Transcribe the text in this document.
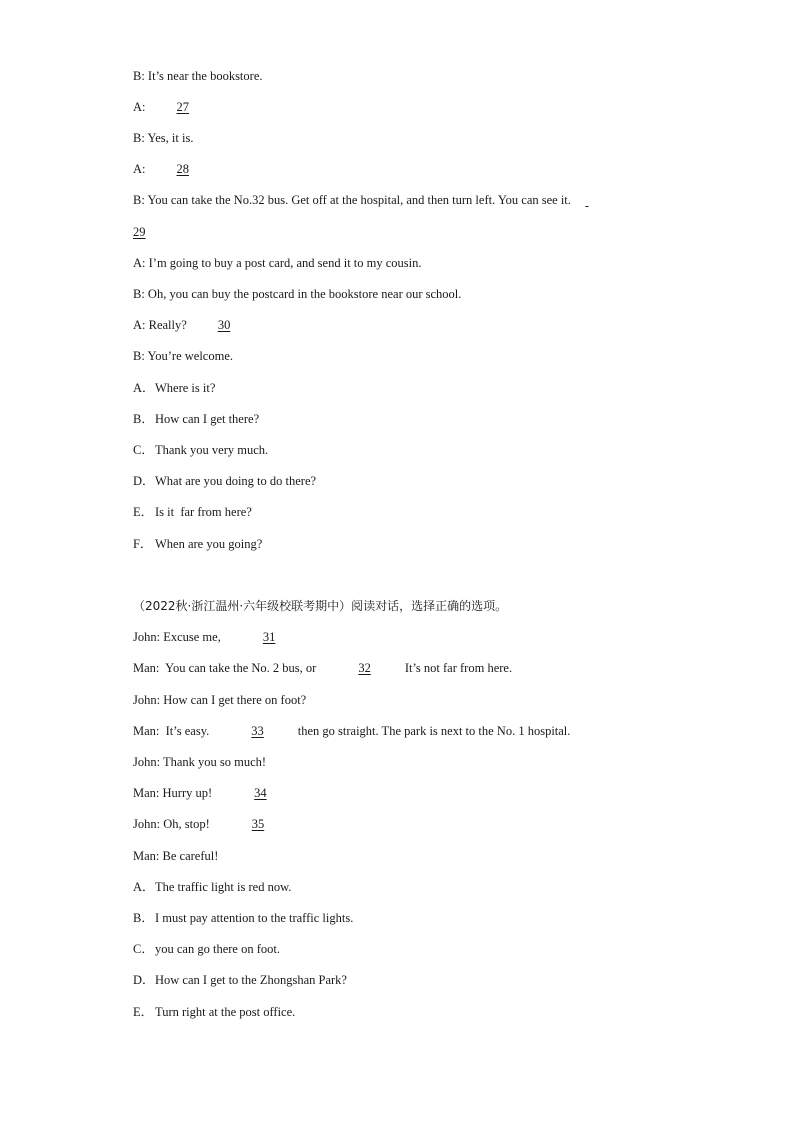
B: It’s near the bookstore.
A:  27
B: Yes, it is.
A:  28
B: You can take the No.32 bus. Get off at the hospital, and then turn left. You can see it.
29
A: I’m going to buy a post card, and send it to my cousin.
B: Oh, you can buy the postcard in the bookstore near our school.
A: Really?  30
B: You’re welcome.
A．Where is it?
B．How can I get there?
C．Thank you very much.
D．What are you doing to do there?
E． Is it  far from here?
F． When are you going?
（2022秋·浙江温州·六年级校联考期中）阅读对话，选择正确的选项。
John: Excuse me,	31
Man:  You can take the No. 2 bus, or	32  It’s not far from here.
John: How can I get there on foot?
Man:  It’s easy.	33  then go straight. The park is next to the No. 1 hospital.
John: Thank you so much!
Man: Hurry up!	34
John: Oh, stop!	35
Man: Be careful!
A．The traffic light is red now.
B．I must pay attention to the traffic lights.
C．you can go there on foot.
D．How can I get to the Zhongshan Park?
E． Turn right at the post office.
